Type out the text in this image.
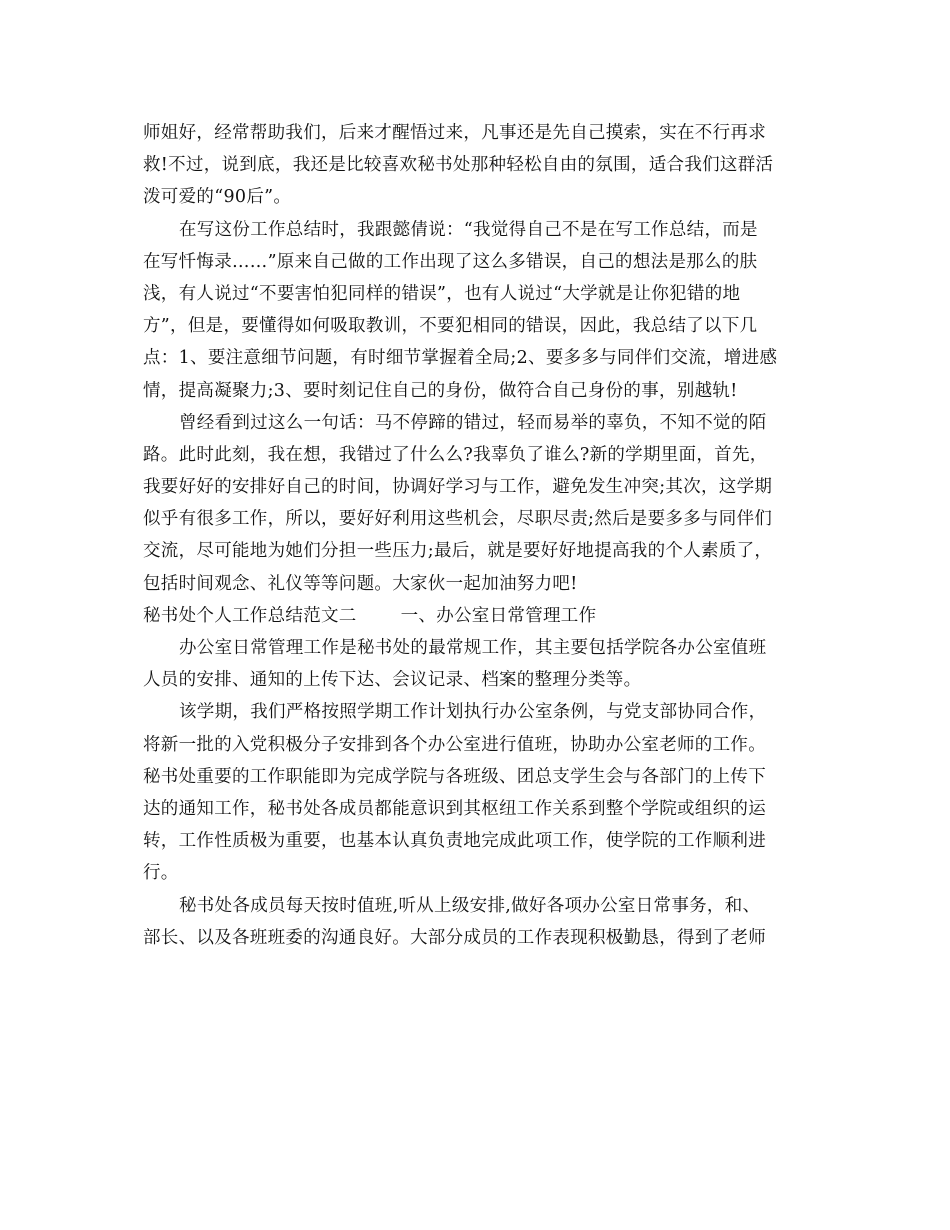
师姐好，经常帮助我们，后来才醒悟过来，凡事还是先自己摸索，实在不行再求
救!不过，说到底，我还是比较喜欢秘书处那种轻松自由的氛围，适合我们这群活
泼可爱的“90后”。
在写这份工作总结时，我跟懿倩说：“我觉得自己不是在写工作总结，而是
在写忏悔录……”原来自己做的工作出现了这么多错误，自己的想法是那么的肤
浅，有人说过“不要害怕犯同样的错误”，也有人说过“大学就是让你犯错的地
方”，但是，要懂得如何吸取教训，不要犯相同的错误，因此，我总结了以下几
点：1、要注意细节问题，有时细节掌握着全局;2、要多多与同伴们交流，增进感
情，提高凝聚力;3、要时刻记住自己的身份，做符合自己身份的事，别越轨!
曾经看到过这么一句话：马不停蹄的错过，轻而易举的辜负，不知不觉的陌
路。此时此刻，我在想，我错过了什么么?我辜负了谁么?新的学期里面，首先，
我要好好的安排好自己的时间，协调好学习与工作，避免发生冲突;其次，这学期
似乎有很多工作，所以，要好好利用这些机会，尽职尽责;然后是要多多与同伴们
交流，尽可能地为她们分担一些压力;最后，就是要好好地提高我的个人素质了，
包括时间观念、礼仪等等问题。大家伙一起加油努力吧!
秘书处个人工作总结范文二	一、办公室日常管理工作
办公室日常管理工作是秘书处的最常规工作，其主要包括学院各办公室值班
人员的安排、通知的上传下达、会议记录、档案的整理分类等。
该学期，我们严格按照学期工作计划执行办公室条例，与党支部协同合作，
将新一批的入党积极分子安排到各个办公室进行值班，协助办公室老师的工作。
秘书处重要的工作职能即为完成学院与各班级、团总支学生会与各部门的上传下
达的通知工作，秘书处各成员都能意识到其枢纽工作关系到整个学院或组织的运
转，工作性质极为重要，也基本认真负责地完成此项工作，使学院的工作顺利进
行。
秘书处各成员每天按时值班,听从上级安排,做好各项办公室日常事务，和、
部长、以及各班班委的沟通良好。大部分成员的工作表现积极勤恳，得到了老师
